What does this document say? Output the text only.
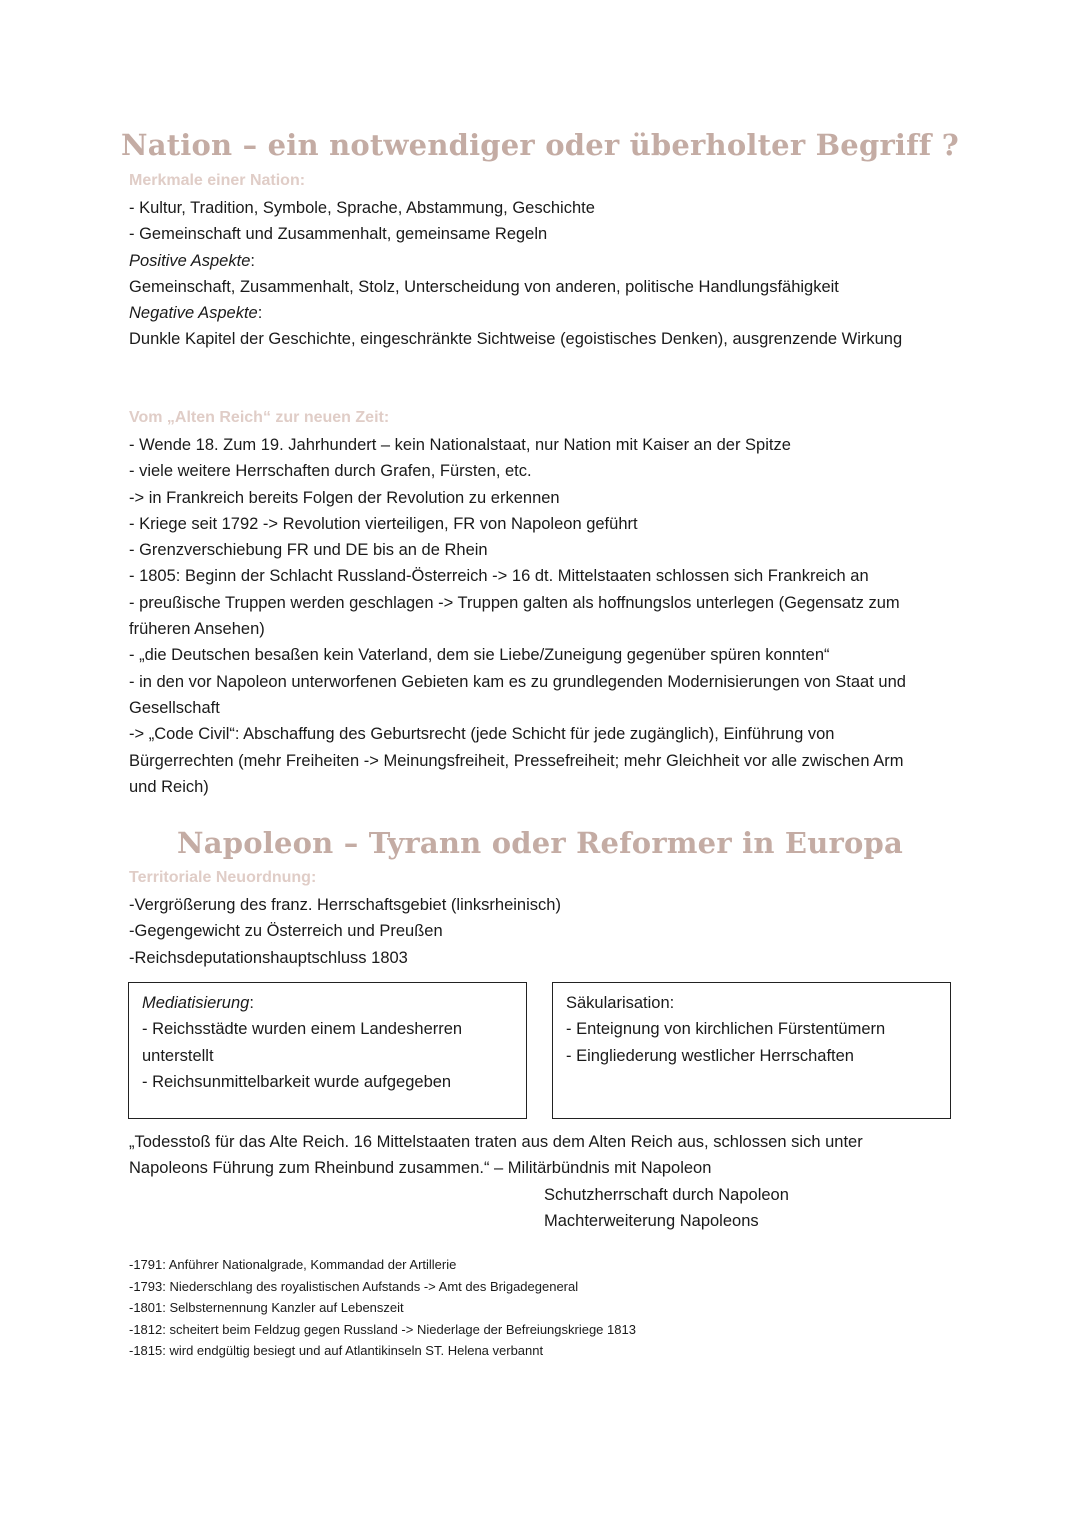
Nation – ein notwendiger oder überholter Begriff ?
Merkmale einer Nation:
- Kultur, Tradition, Symbole, Sprache, Abstammung, Geschichte
- Gemeinschaft und Zusammenhalt, gemeinsame Regeln
Positive Aspekte:
Gemeinschaft, Zusammenhalt, Stolz, Unterscheidung von anderen, politische Handlungsfähigkeit
Negative Aspekte:
Dunkle Kapitel der Geschichte, eingeschränkte Sichtweise (egoistisches Denken), ausgrenzende Wirkung
Vom „Alten Reich“ zur neuen Zeit:
- Wende 18. Zum 19. Jahrhundert – kein Nationalstaat, nur Nation mit Kaiser an der Spitze
- viele weitere Herrschaften durch Grafen, Fürsten, etc.
-> in Frankreich bereits Folgen der Revolution zu erkennen
- Kriege seit 1792 -> Revolution vierteiligen, FR von Napoleon geführt
- Grenzverschiebung FR und DE bis an de Rhein
- 1805: Beginn der Schlacht Russland-Österreich -> 16 dt. Mittelstaaten schlossen sich Frankreich an
- preußische Truppen werden geschlagen -> Truppen galten als hoffnungslos unterlegen (Gegensatz zum früheren Ansehen)
- „die Deutschen besaßen kein Vaterland, dem sie Liebe/Zuneigung gegenüber spüren konnten“
- in den vor Napoleon unterworfenen Gebieten kam es zu grundlegenden Modernisierungen von Staat und Gesellschaft
-> „Code Civil“: Abschaffung des Geburtsrecht (jede Schicht für jede zugänglich), Einführung von Bürgerrechten (mehr Freiheiten -> Meinungsfreiheit, Pressefreiheit; mehr Gleichheit vor alle zwischen Arm und Reich)
Napoleon – Tyrann oder Reformer in Europa
Territoriale Neuordnung:
-Vergrößerung des franz. Herrschaftsgebiet (linksrheinisch)
-Gegengewicht zu Österreich und Preußen
-Reichsdeputationshauptschluss 1803
Mediatisierung:
- Reichsstädte wurden einem Landesherren unterstellt
- Reichsunmittelbarkeit wurde aufgegeben
Säkularisation:
- Enteignung von kirchlichen Fürstentümern
- Eingliederung westlicher Herrschaften
„Todesstoß für das Alte Reich. 16 Mittelstaaten traten aus dem Alten Reich aus, schlossen sich unter
Napoleons Führung zum Rheinbund zusammen.“ – Militärbündnis mit Napoleon
Schutzherrschaft durch Napoleon
Machterweiterung Napoleons
-1791: Anführer Nationalgrade, Kommandad der Artillerie
-1793: Niederschlang des royalistischen Aufstands -> Amt des Brigadegeneral
-1801: Selbsternennung Kanzler auf Lebenszeit
-1812: scheitert beim Feldzug gegen Russland -> Niederlage der Befreiungskriege 1813
-1815: wird endgültig besiegt und auf Atlantikinseln ST. Helena verbannt
